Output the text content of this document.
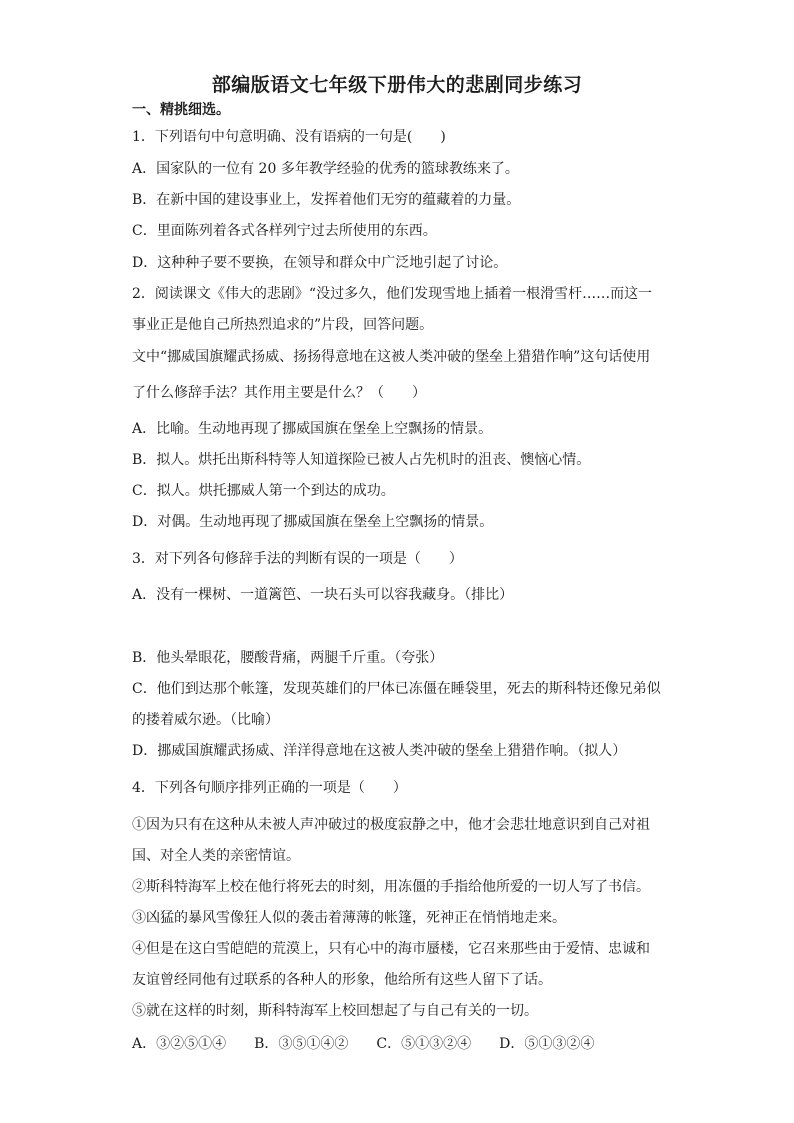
部编版语文七年级下册伟大的悲剧同步练习
一、精挑细选。
1．下列语句中句意明确、没有语病的一句是(　　)
A．国家队的一位有 20 多年教学经验的优秀的篮球教练来了。
B．在新中国的建设事业上，发挥着他们无穷的蕴藏着的力量。
C．里面陈列着各式各样列宁过去所使用的东西。
D．这种种子要不要换，在领导和群众中广泛地引起了讨论。
2．阅读课文《伟大的悲剧》“没过多久，他们发现雪地上插着一根滑雪杆……而这一
事业正是他自己所热烈追求的”片段，回答问题。
文中“挪威国旗耀武扬威、扬扬得意地在这被人类冲破的堡垒上猎猎作响”这句话使用
了什么修辞手法？其作用主要是什么？（　　）
A．比喻。生动地再现了挪威国旗在堡垒上空飘扬的情景。
B．拟人。烘托出斯科特等人知道探险已被人占先机时的沮丧、懊恼心情。
C．拟人。烘托挪威人第一个到达的成功。
D．对偶。生动地再现了挪威国旗在堡垒上空飘扬的情景。
3．对下列各句修辞手法的判断有误的一项是（　　）
A．没有一棵树、一道篱笆、一块石头可以容我藏身。（排比）
B．他头晕眼花，腰酸背痛，两腿千斤重。（夸张）
C．他们到达那个帐篷，发现英雄们的尸体已冻僵在睡袋里，死去的斯科特还像兄弟似
的搂着威尔逊。（比喻）
D．挪威国旗耀武扬威、洋洋得意地在这被人类冲破的堡垒上猎猎作响。（拟人）
4．下列各句顺序排列正确的一项是（　　）
①因为只有在这种从未被人声冲破过的极度寂静之中，他才会悲壮地意识到自己对祖
国、对全人类的亲密情谊。
②斯科特海军上校在他行将死去的时刻，用冻僵的手指给他所爱的一切人写了书信。
③凶猛的暴风雪像狂人似的袭击着薄薄的帐篷，死神正在悄悄地走来。
④但是在这白雪皑皑的荒漠上，只有心中的海市蜃楼，它召来那些由于爱情、忠诚和
友谊曾经同他有过联系的各种人的形象，他给所有这些人留下了话。
⑤就在这样的时刻，斯科特海军上校回想起了与自己有关的一切。
A．③②⑤①④　　B．③⑤①④②　　C．⑤①③②④　　D．⑤①③②④
